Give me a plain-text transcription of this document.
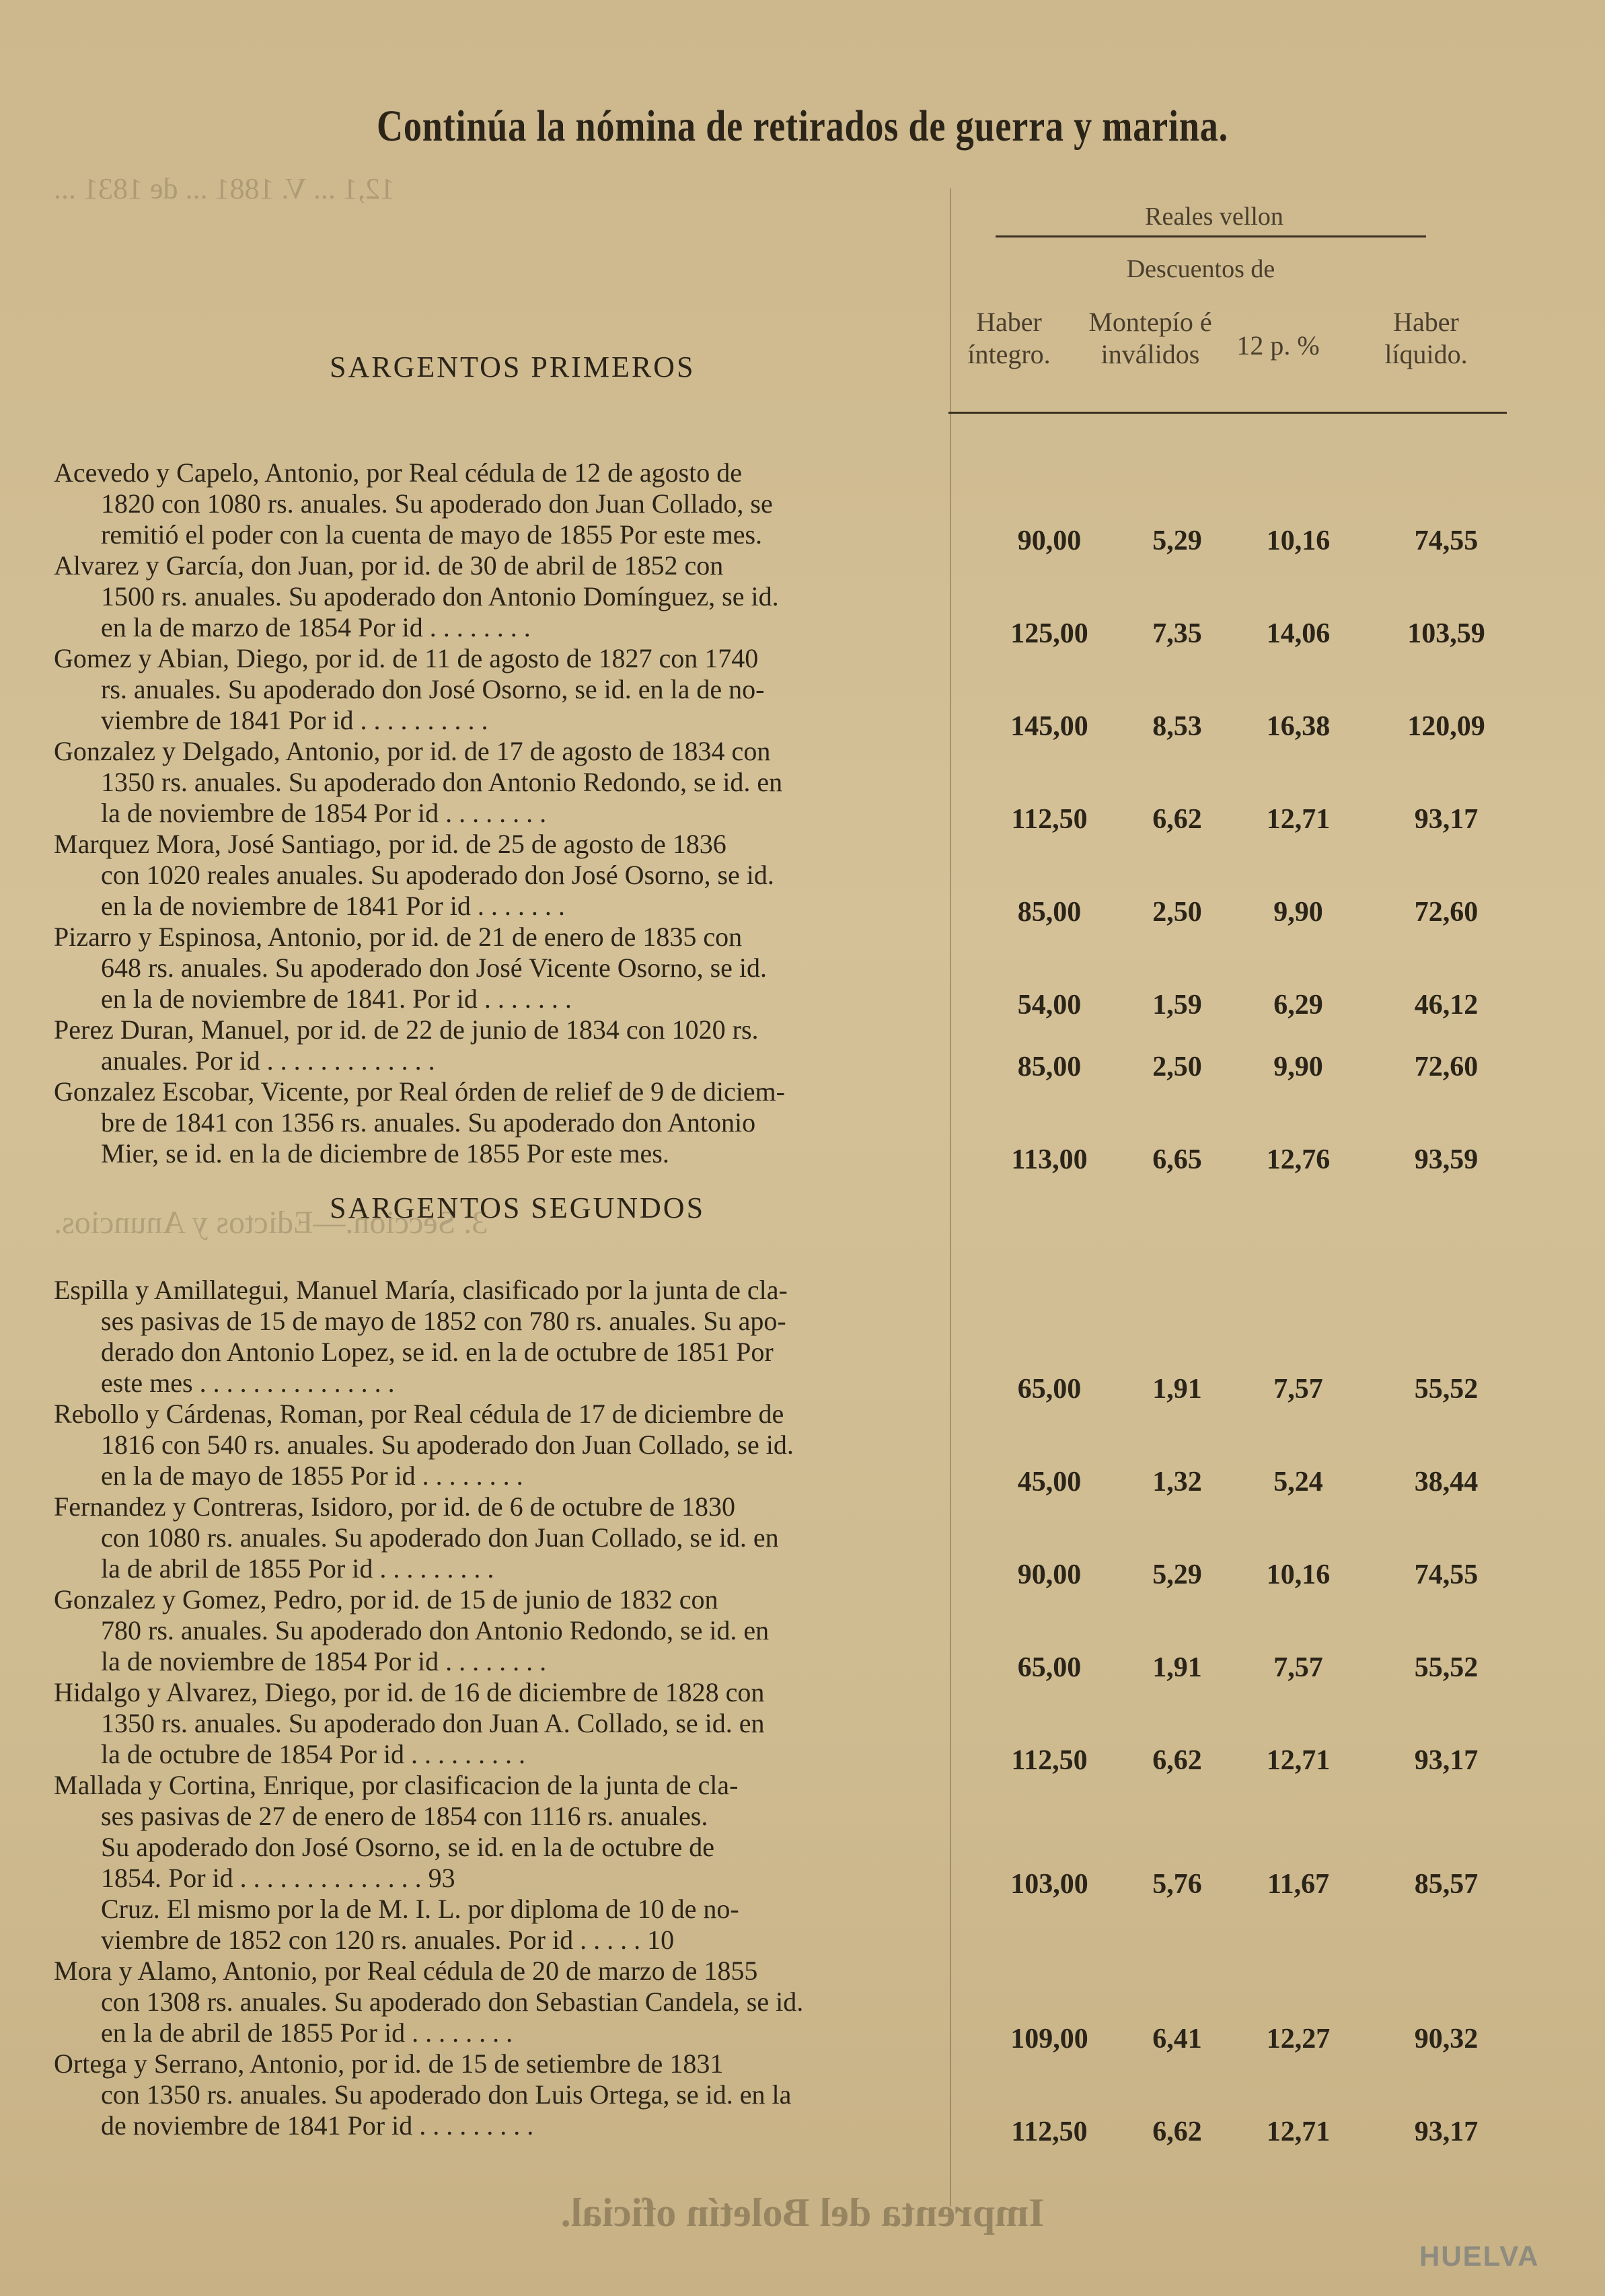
12,1 ... V. 1881 ... de 1831 ...
3. Seccion.—Edictos y Anuncios.
Continúa la nómina de retirados de guerra y marina.
Reales vellon
Descuentos de
Haber
íntegro.
Montepío é
inválidos	12 p. %
Haber
líquido.
SARGENTOS PRIMEROS
Acevedo y Capelo, Antonio, por Real cédula de 12 de agosto de
1820 con 1080 rs. anuales. Su apoderado don Juan Collado, se
remitió el poder con la cuenta de mayo de 1855 Por este mes.	90,00	5,29	10,16	74,55
Alvarez y García, don Juan, por id. de 30 de abril de 1852 con
1500 rs. anuales. Su apoderado don Antonio Domínguez, se id.
en la de marzo de 1854 Por id . . . . . . . .	125,00	7,35	14,06	103,59
Gomez y Abian, Diego, por id. de 11 de agosto de 1827 con 1740
rs. anuales. Su apoderado don José Osorno, se id. en la de no-
viembre de 1841 Por id . . . . . . . . . .	145,00	8,53	16,38	120,09
Gonzalez y Delgado, Antonio, por id. de 17 de agosto de 1834 con
1350 rs. anuales. Su apoderado don Antonio Redondo, se id. en
la de noviembre de 1854 Por id . . . . . . . .	112,50	6,62	12,71	93,17
Marquez Mora, José Santiago, por id. de 25 de agosto de 1836
con 1020 reales anuales. Su apoderado don José Osorno, se id.
en la de noviembre de 1841 Por id . . . . . . .	85,00	2,50	9,90	72,60
Pizarro y Espinosa, Antonio, por id. de 21 de enero de 1835 con
648 rs. anuales. Su apoderado don José Vicente Osorno, se id.
en la de noviembre de 1841. Por id . . . . . . .	54,00	1,59	6,29	46,12
Perez Duran, Manuel, por id. de 22 de junio de 1834 con 1020 rs.
anuales. Por id . . . . . . . . . . . . .	85,00	2,50	9,90	72,60
Gonzalez Escobar, Vicente, por Real órden de relief de 9 de diciem-
bre de 1841 con 1356 rs. anuales. Su apoderado don Antonio
Mier, se id. en la de diciembre de 1855 Por este mes.	113,00	6,65	12,76	93,59
SARGENTOS SEGUNDOS
Espilla y Amillategui, Manuel María, clasificado por la junta de cla-
ses pasivas de 15 de mayo de 1852 con 780 rs. anuales. Su apo-
derado don Antonio Lopez, se id. en la de octubre de 1851 Por
este mes . . . . . . . . . . . . . . .	65,00	1,91	7,57	55,52
Rebollo y Cárdenas, Roman, por Real cédula de 17 de diciembre de
1816 con 540 rs. anuales. Su apoderado don Juan Collado, se id.
en la de mayo de 1855 Por id . . . . . . . .	45,00	1,32	5,24	38,44
Fernandez y Contreras, Isidoro, por id. de 6 de octubre de 1830
con 1080 rs. anuales. Su apoderado don Juan Collado, se id. en
la de abril de 1855 Por id . . . . . . . . .	90,00	5,29	10,16	74,55
Gonzalez y Gomez, Pedro, por id. de 15 de junio de 1832 con
780 rs. anuales. Su apoderado don Antonio Redondo, se id. en
la de noviembre de 1854 Por id . . . . . . . .	65,00	1,91	7,57	55,52
Hidalgo y Alvarez, Diego, por id. de 16 de diciembre de 1828 con
1350 rs. anuales. Su apoderado don Juan A. Collado, se id. en
la de octubre de 1854 Por id . . . . . . . . .	112,50	6,62	12,71	93,17
Mallada y Cortina, Enrique, por clasificacion de la junta de cla-
ses pasivas de 27 de enero de 1854 con 1116 rs. anuales.
Su apoderado don José Osorno, se id. en la de octubre de
1854. Por id . . . . . . . . . . . . . . 93
Cruz. El mismo por la de M. I. L. por diploma de 10 de no-
viembre de 1852 con 120 rs. anuales. Por id . . . . . 10
103,00	5,76	11,67	85,57
Mora y Alamo, Antonio, por Real cédula de 20 de marzo de 1855
con 1308 rs. anuales. Su apoderado don Sebastian Candela, se id.
en la de abril de 1855 Por id . . . . . . . .	109,00	6,41	12,27	90,32
Ortega y Serrano, Antonio, por id. de 15 de setiembre de 1831
con 1350 rs. anuales. Su apoderado don Luis Ortega, se id. en la
de noviembre de 1841 Por id . . . . . . . . .	112,50	6,62	12,71	93,17
Imprenta del Boletín oficial.
HUELVA
